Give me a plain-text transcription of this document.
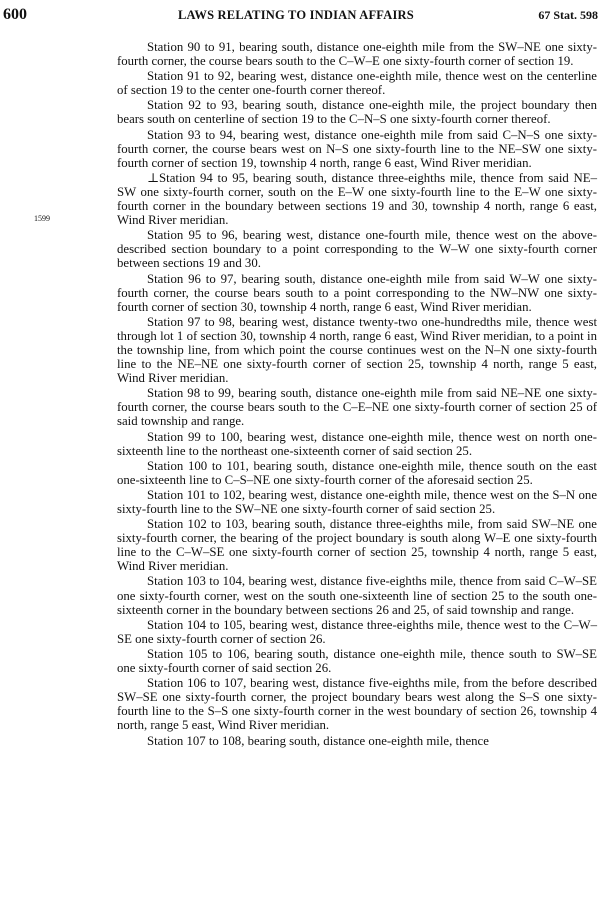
600	LAWS RELATING TO INDIAN AFFAIRS	67 Stat. 598
1599

Station 90 to 91, bearing south, distance one-eighth mile from the SW–NE one sixty-fourth corner, the course bears south to the C–W–E one sixty-fourth corner of section 19.

Station 91 to 92, bearing west, distance one-eighth mile, thence west on the centerline of section 19 to the center one-fourth corner thereof.

Station 92 to 93, bearing south, distance one-eighth mile, the project boundary then bears south on centerline of section 19 to the C–N–S one sixty-fourth corner thereof.

Station 93 to 94, bearing west, distance one-eighth mile from said C–N–S one sixty-fourth corner, the course bears west on N–S one sixty-fourth line to the NE–SW one sixty-fourth corner of section 19, township 4 north, range 6 east, Wind River meridian.

⊥Station 94 to 95, bearing south, distance three-eighths mile, thence from said NE–SW one sixty-fourth corner, south on the E–W one sixty-fourth line to the E–W one sixty-fourth corner in the boundary between sections 19 and 30, township 4 north, range 6 east, Wind River meridian.

Station 95 to 96, bearing west, distance one-fourth mile, thence west on the above-described section boundary to a point corresponding to the W–W one sixty-fourth corner between sections 19 and 30.

Station 96 to 97, bearing south, distance one-eighth mile from said W–W one sixty-fourth corner, the course bears south to a point corresponding to the NW–NW one sixty-fourth corner of section 30, township 4 north, range 6 east, Wind River meridian.

Station 97 to 98, bearing west, distance twenty-two one-hundredths mile, thence west through lot 1 of section 30, township 4 north, range 6 east, Wind River meridian, to a point in the township line, from which point the course continues west on the N–N one sixty-fourth line to the NE–NE one sixty-fourth corner of section 25, township 4 north, range 5 east, Wind River meridian.

Station 98 to 99, bearing south, distance one-eighth mile from said NE–NE one sixty-fourth corner, the course bears south to the C–E–NE one sixty-fourth corner of section 25 of said township and range.

Station 99 to 100, bearing west, distance one-eighth mile, thence west on north one-sixteenth line to the northeast one-sixteenth corner of said section 25.

Station 100 to 101, bearing south, distance one-eighth mile, thence south on the east one-sixteenth line to C–S–NE one sixty-fourth corner of the aforesaid section 25.

Station 101 to 102, bearing west, distance one-eighth mile, thence west on the S–N one sixty-fourth line to the SW–NE one sixty-fourth corner of said section 25.

Station 102 to 103, bearing south, distance three-eighths mile, from said SW–NE one sixty-fourth corner, the bearing of the project boundary is south along W–E one sixty-fourth line to the C–W–SE one sixty-fourth corner of section 25, township 4 north, range 5 east, Wind River meridian.

Station 103 to 104, bearing west, distance five-eighths mile, thence from said C–W–SE one sixty-fourth corner, west on the south one-sixteenth line of section 25 to the south one-sixteenth corner in the boundary between sections 26 and 25, of said township and range.

Station 104 to 105, bearing west, distance three-eighths mile, thence west to the C–W–SE one sixty-fourth corner of section 26.

Station 105 to 106, bearing south, distance one-eighth mile, thence south to SW–SE one sixty-fourth corner of said section 26.

Station 106 to 107, bearing west, distance five-eighths mile, from the before described SW–SE one sixty-fourth corner, the project boundary bears west along the S–S one sixty-fourth line to the S–S one sixty-fourth corner in the west boundary of section 26, township 4 north, range 5 east, Wind River meridian.

Station 107 to 108, bearing south, distance one-eighth mile, thence
